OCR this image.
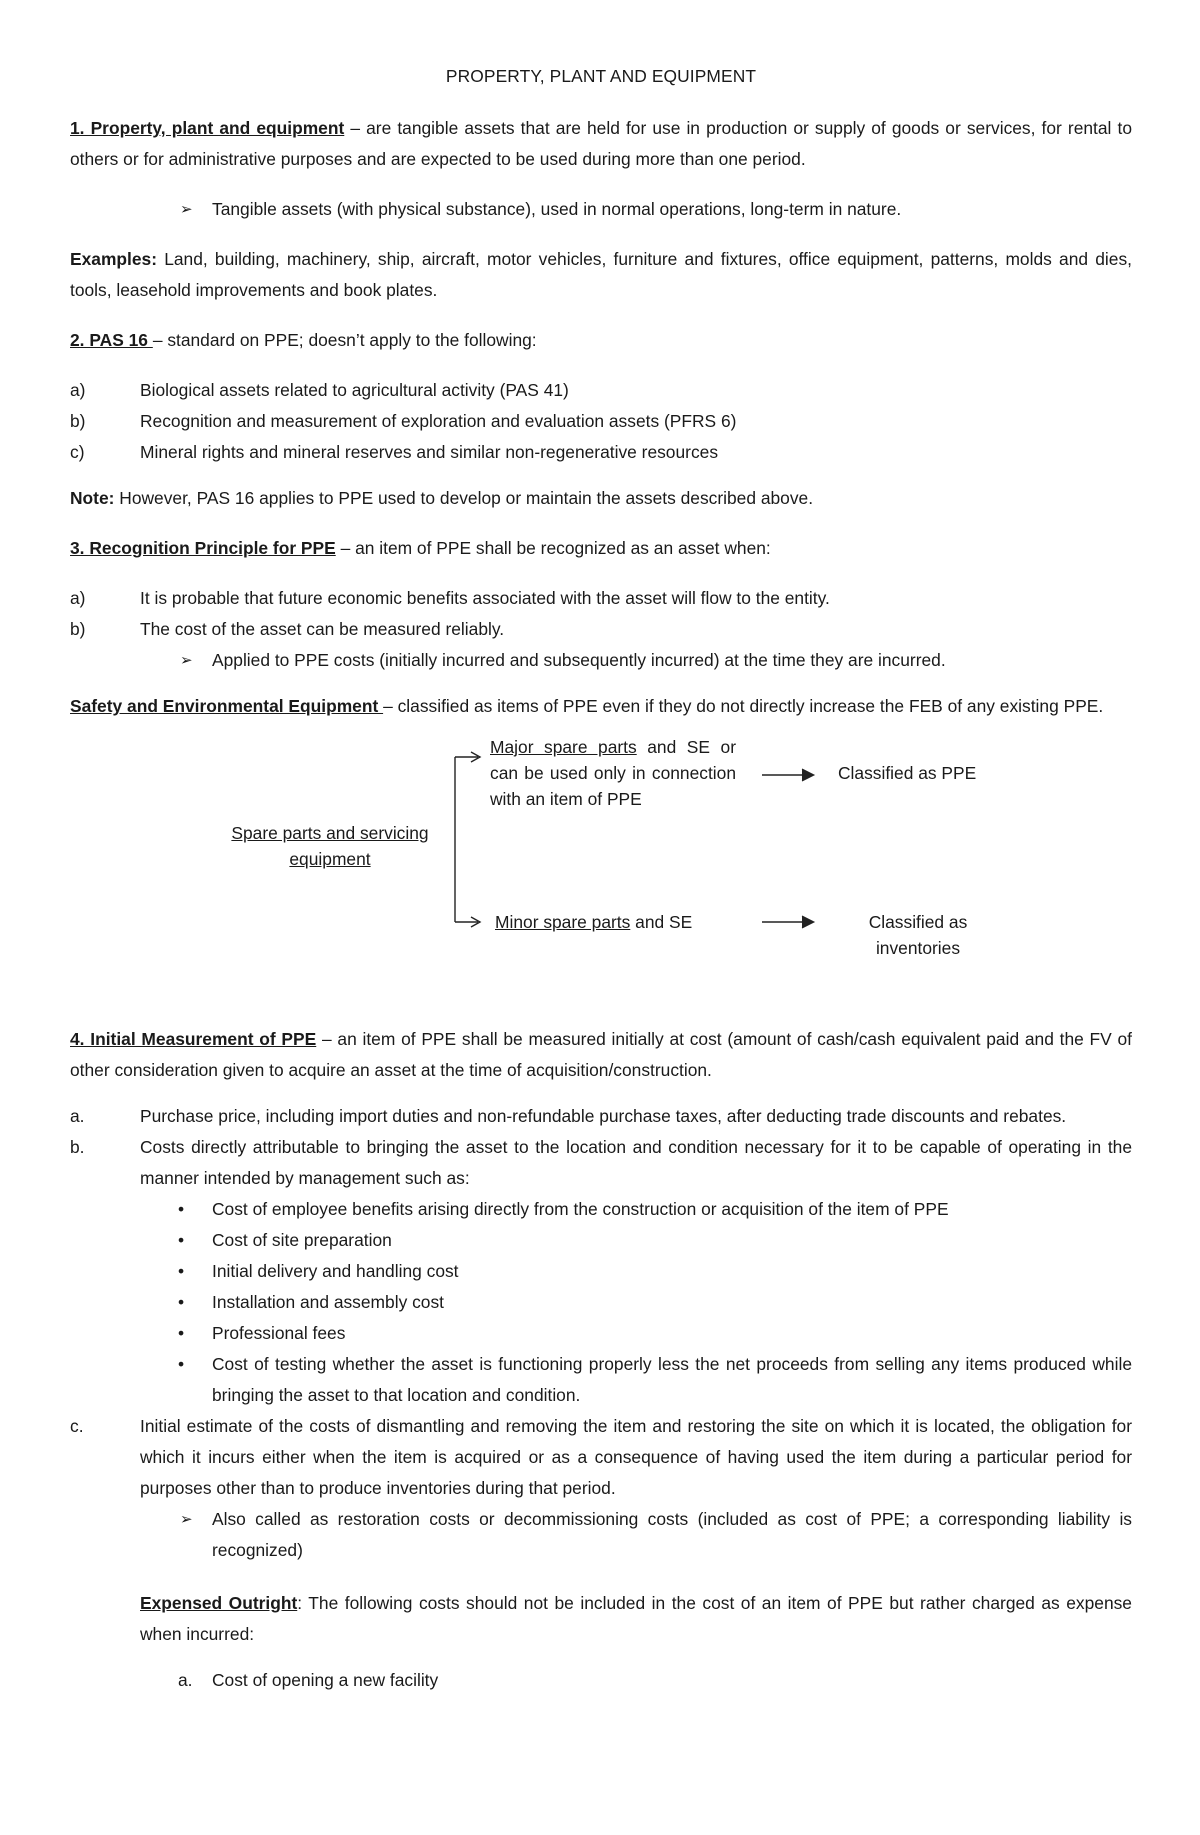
PROPERTY, PLANT AND EQUIPMENT

1. Property, plant and equipment – are tangible assets that are held for use in production or supply of goods or services, for rental to others or for administrative purposes and are expected to be used during more than one period.

➢ Tangible assets (with physical substance), used in normal operations, long-term in nature.

Examples: Land, building, machinery, ship, aircraft, motor vehicles, furniture and fixtures, office equipment, patterns, molds and dies, tools, leasehold improvements and book plates.

2. PAS 16 – standard on PPE; doesn’t apply to the following:

a)	Biological assets related to agricultural activity (PAS 41)
b)	Recognition and measurement of exploration and evaluation assets (PFRS 6)
c)	Mineral rights and mineral reserves and similar non-regenerative resources

Note: However, PAS 16 applies to PPE used to develop or maintain the assets described above.

3. Recognition Principle for PPE – an item of PPE shall be recognized as an asset when:

a)	It is probable that future economic benefits associated with the asset will flow to the entity.
b)	The cost of the asset can be measured reliably.
➢ Applied to PPE costs (initially incurred and subsequently incurred) at the time they are incurred.

Safety and Environmental Equipment – classified as items of PPE even if they do not directly increase the FEB of any existing PPE.

Spare parts and servicing equipment
Major spare parts and SE or can be used only in connection with an item of PPE
Classified as PPE
Minor spare parts and SE	Classified as inventories

4. Initial Measurement of PPE – an item of PPE shall be measured initially at cost (amount of cash/cash equivalent paid and the FV of other consideration given to acquire an asset at the time of acquisition/construction.

a.	Purchase price, including import duties and non-refundable purchase taxes, after deducting trade discounts and rebates.
b.	Costs directly attributable to bringing the asset to the location and condition necessary for it to be capable of operating in the manner intended by management such as:
• Cost of employee benefits arising directly from the construction or acquisition of the item of PPE
• Cost of site preparation
• Initial delivery and handling cost
• Installation and assembly cost
• Professional fees
• Cost of testing whether the asset is functioning properly less the net proceeds from selling any items produced while bringing the asset to that location and condition.
c.	Initial estimate of the costs of dismantling and removing the item and restoring the site on which it is located, the obligation for which it incurs either when the item is acquired or as a consequence of having used the item during a particular period for purposes other than to produce inventories during that period.
➢ Also called as restoration costs or decommissioning costs (included as cost of PPE; a corresponding liability is recognized)

Expensed Outright: The following costs should not be included in the cost of an item of PPE but rather charged as expense when incurred:

a. Cost of opening a new facility
